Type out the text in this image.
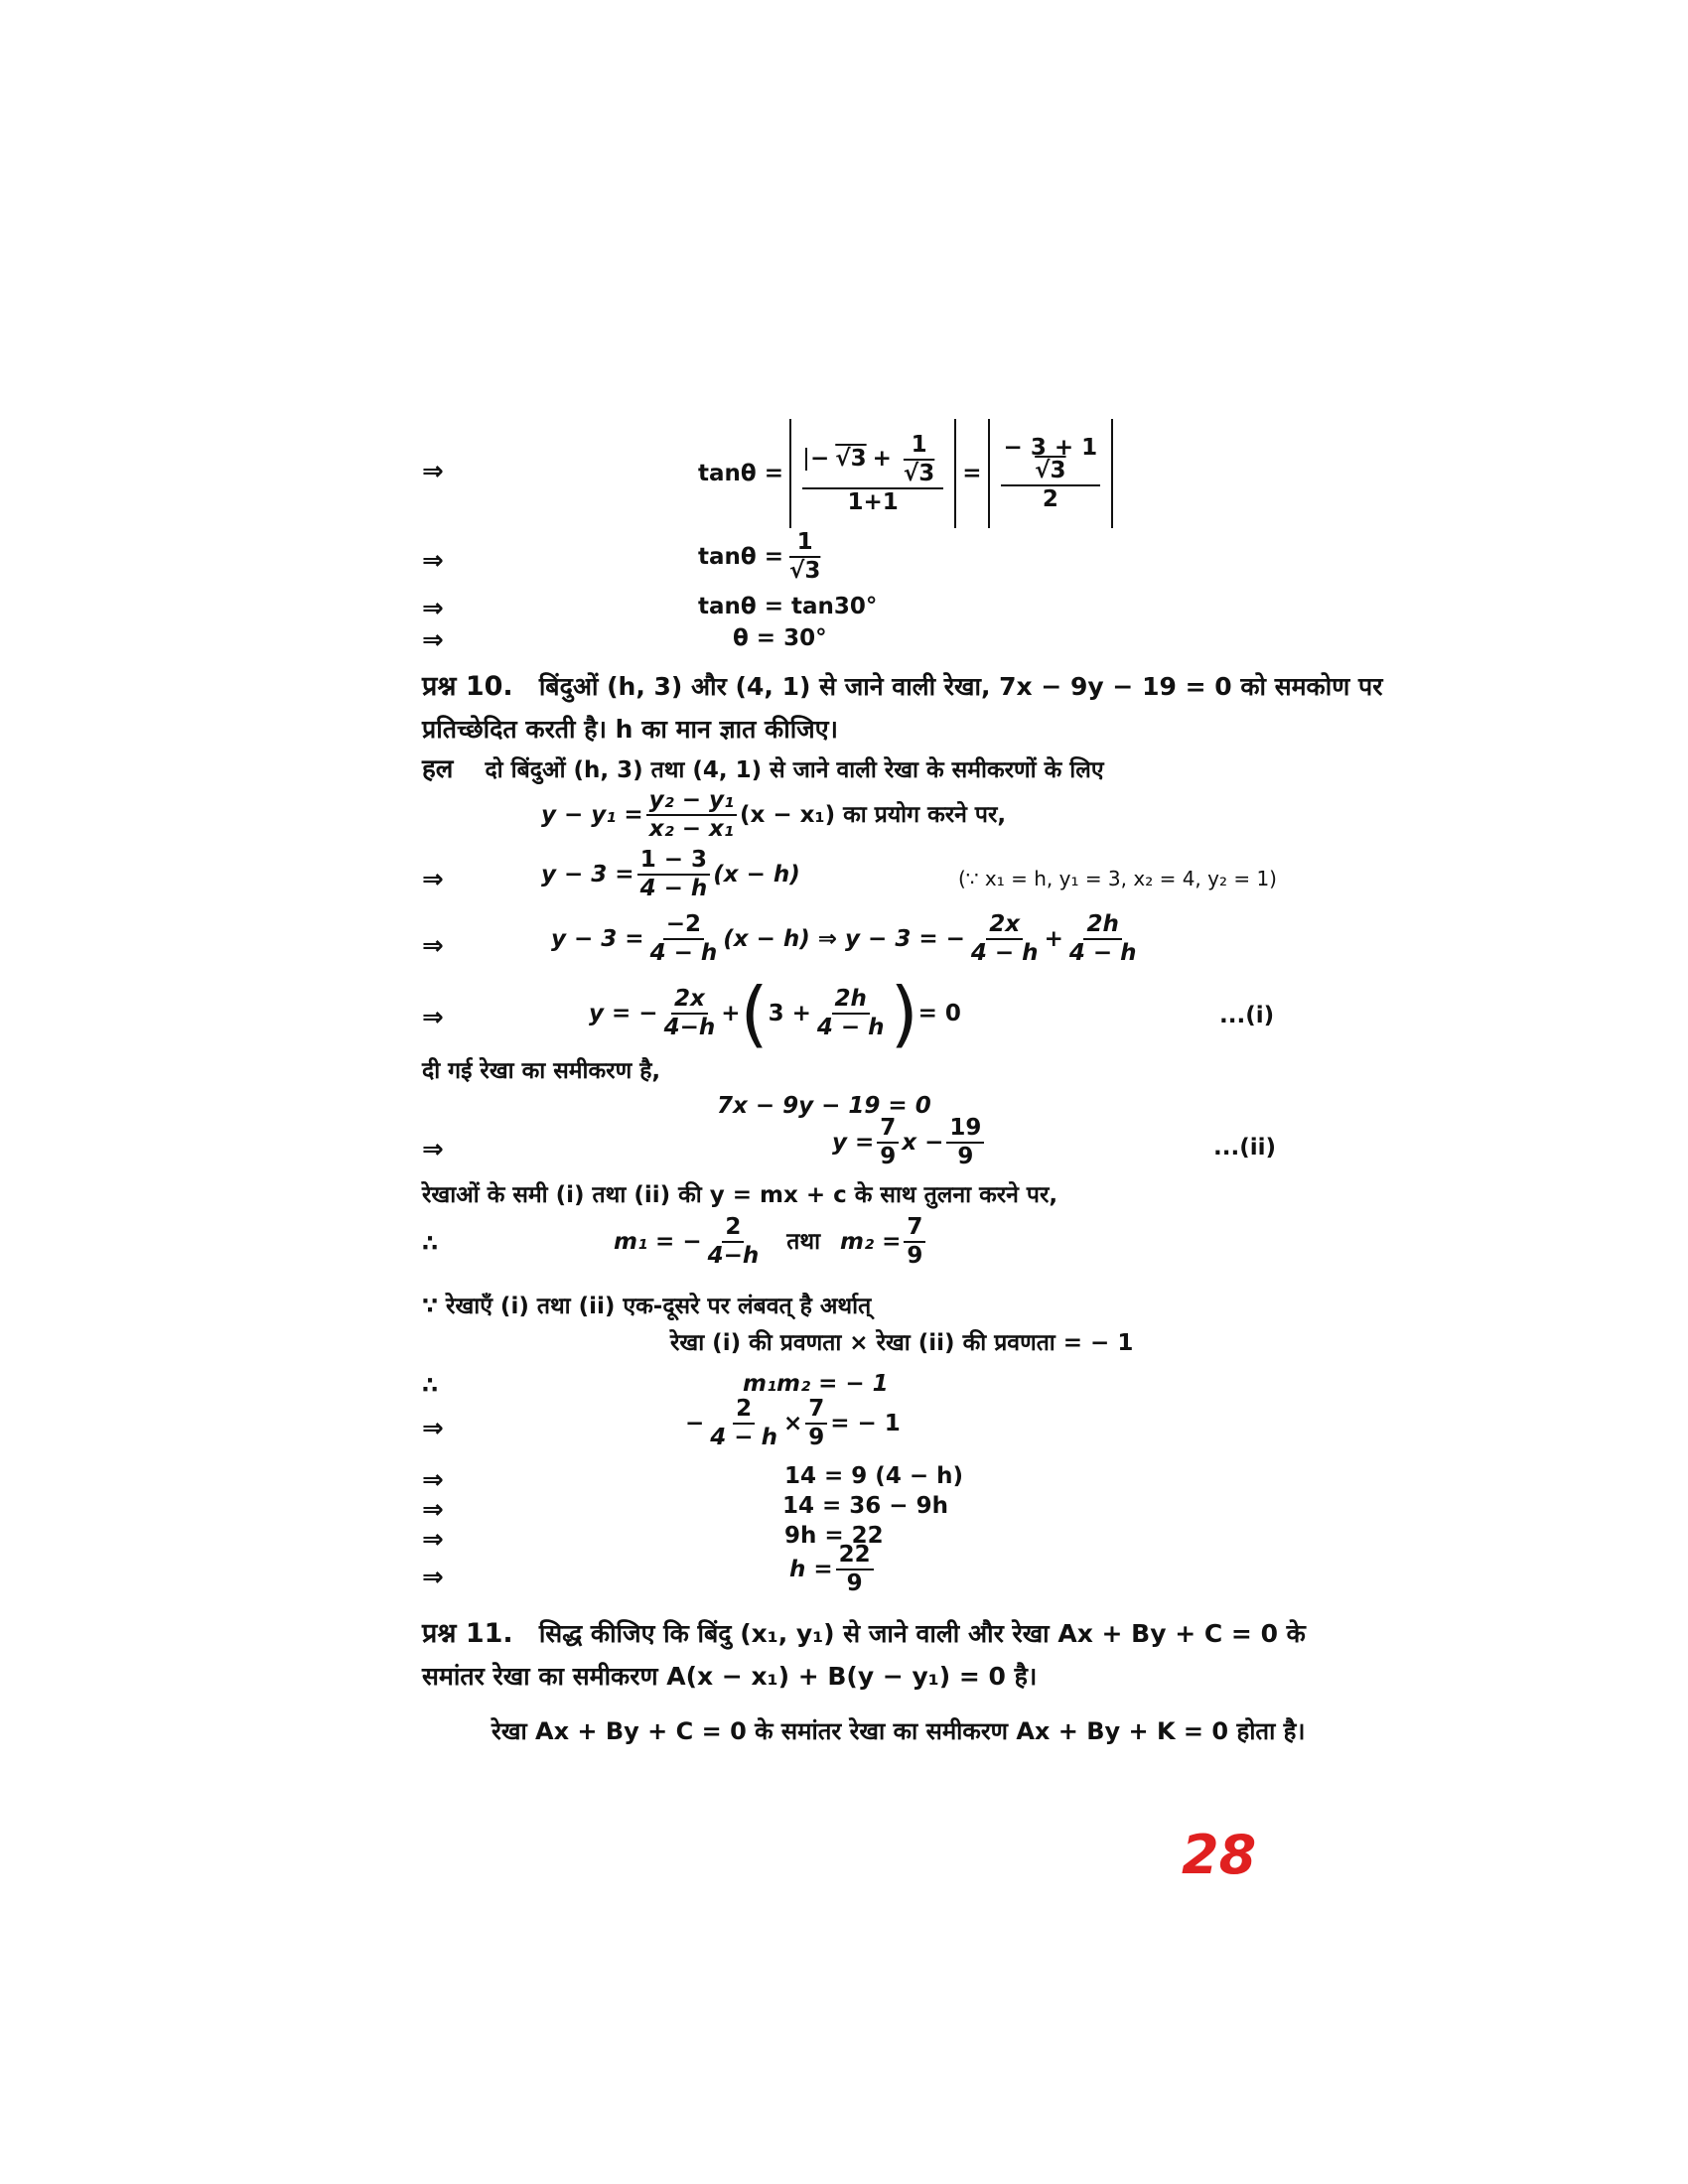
⇒	$\tan\theta = \frac{- √3 + \frac{1}{√3}}{1+1}$ = − 3 + 1
√3
2
⇒	$\tan\theta = \frac{1}{√3}$
⇒	tanθ = tan30°
⇒	θ = 30°
प्रश्न 10. बिंदुओं (h, 3) और (4, 1) से जाने वाली रेखा, 7x − 9y − 19 = 0 को समकोण पर
प्रतिच्छेदित करती है। h का मान ज्ञात कीजिए।
हल दो बिंदुओं (h, 3) तथा (4, 1) से जाने वाली रेखा के समीकरणों के लिए
$y - y_1 = \frac{\text{y₂ − y₁}}{\text{x₂ − x₁}} (x - x_1)$ का प्रयोग करने पर,
⇒	$y - 3 = \frac{1 - 3}{4 - h} (x - h)$	(∵ x₁ = h, y₁ = 3, x₂ = 4, y₂ = 1)
⇒	$y - 3 = \frac{-2}{4 - h} (x - h)$ ⇒ y − 3 = − $\frac{2x}{4 - h} + \frac{2h}{4 - h}$
⇒	y = − $\frac{2x}{4-h}$ + ( $3 + \frac{2h}{4 - h}$ ) = 0	...(i)
दी गई रेखा का समीकरण है,
7x − 9y − 19 = 0
⇒	$y = \frac{7}{9}$ $x - \frac{19}{9}$	...(ii)
रेखाओं के समी (i) तथा (ii) की y = mx + c के साथ तुलना करने पर,
∴	m₁ = − $\frac{2}{4-h}$ तथा $m_2 = \frac{7}{9}$
∵ रेखाएँ (i) तथा (ii) एक-दूसरे पर लंबवत् है अर्थात्
रेखा (i) की प्रवणता × रेखा (ii) की प्रवणता = − 1
∴	m₁m₂ = − 1
⇒	− $\frac{2}{4 - h} \times \frac{7}{9}$ = − 1
⇒	14 = 9 (4 − h)
⇒	14 = 36 − 9h
⇒	9h = 22
⇒	$h = \frac{22}{9}$
प्रश्न 11. सिद्ध कीजिए कि बिंदु (x₁, y₁) से जाने वाली और रेखा Ax + By + C = 0 के
समांतर रेखा का समीकरण A(x − x₁) + B(y − y₁) = 0 है।
रेखा Ax + By + C = 0 के समांतर रेखा का समीकरण Ax + By + K = 0 होता है।
28
